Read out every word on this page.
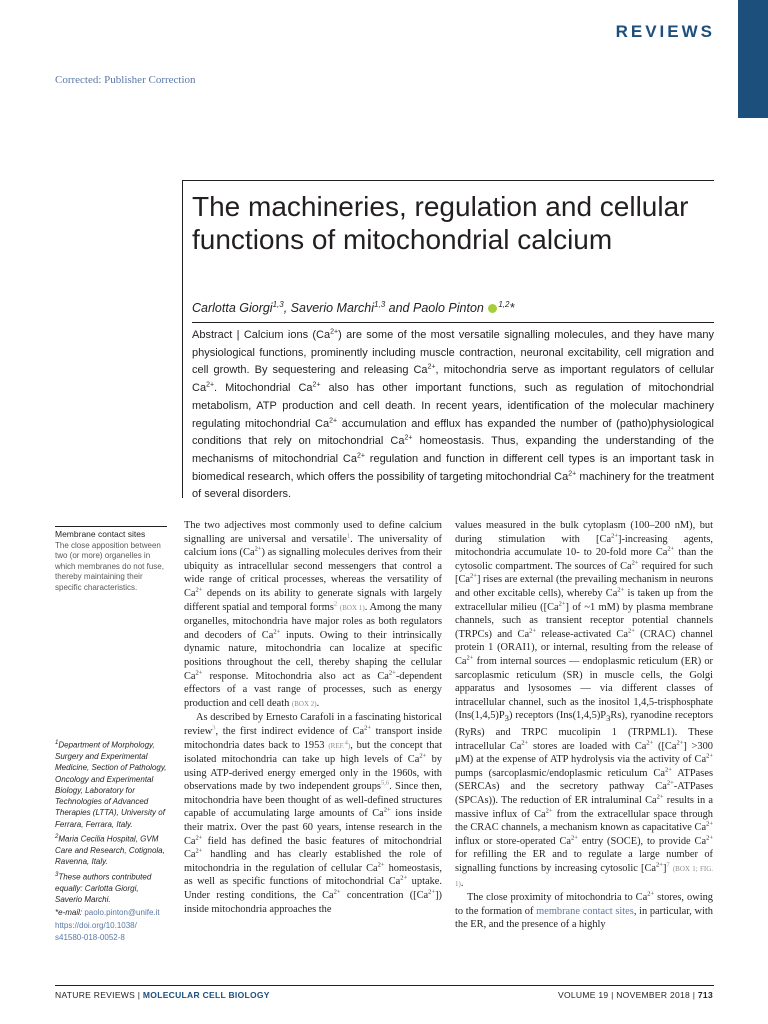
REVIEWS
Corrected: Publisher Correction
The machineries, regulation and cellular functions of mitochondrial calcium
Carlotta Giorgi$^{1,3}$, Saverio Marchi$^{1,3}$ and Paolo Pinton $^{1,2}$*

Abstract | Calcium ions $(Ca^{2+})$ are some of the most versatile signalling molecules, and they have many physiological functions, prominently including muscle contraction, neuronal excitability, cell migration and cell growth. By sequestering and releasing $Ca^{2+}$, mitochondria serve as important regulators of cellular $Ca^{2+}$. Mitochondrial $Ca^{2+}$ also has other important functions, such as regulation of mitochondrial metabolism, ATP production and cell death. In recent years, identification of the molecular machinery regulating mitochondrial $Ca^{2+}$ accumulation and efflux has expanded the number of (patho)physiological conditions that rely on mitochondrial $Ca^{2+}$ homeostasis. Thus, expanding the understanding of the mechanisms of mitochondrial $Ca^{2+}$ regulation and function in different cell types is an important task in biomedical research, which offers the possibility of targeting mitochondrial $Ca^{2+}$ machinery for the treatment of several disorders.

Membrane contact sites
The close apposition between two (or more) organelles in which membranes do not fuse, thereby maintaining their specific characteristics.

$^1$Department of Morphology, Surgery and Experimental Medicine, Section of Pathology, Oncology and Experimental Biology, Laboratory for Technologies of Advanced Therapies (LTTA), University of Ferrara, Ferrara, Italy.

$^2$Maria Cecilia Hospital, GVM Care and Research, Cotignola, Ravenna, Italy.

$^3$These authors contributed equally: Carlotta Giorgi, Saverio Marchi.

*e-mail: paolo.pinton@unife.it

https://doi.org/10.1038/ s41580-018-0052-8

The two adjectives most commonly used to define calcium signalling are universal and versatile$^1$. The universality of calcium ions $(Ca^{2+})$ as signalling molecules derives from their ubiquity as intracellular second messengers that control a wide range of critical processes, whereas the versatility of $Ca^{2+}$ depends on its ability to generate signals with largely different spatial and temporal forms$^2$ (BOX 1). Among the many organelles, mitochondria have major roles as both regulators and decoders of $Ca^{2+}$ inputs. Owing to their intrinsically dynamic nature, mitochondria can localize at specific positions throughout the cell, thereby shaping the cellular $Ca^{2+}$ response. Mitochondria also act as $Ca^{2+}$-dependent effectors of a vast range of processes, such as energy production and cell death (BOX 2).

As described by Ernesto Carafoli in a fascinating historical review$^3$, the first indirect evidence of $Ca^{2+}$ transport inside mitochondria dates back to 1953 (REF.$^4$), but the concept that isolated mitochondria can take up high levels of $Ca^{2+}$ by using ATP-derived energy emerged only in the 1960s, with observations made by two independent groups$^{5,6}$. Since then, mitochondria have been thought of as well-defined structures capable of accumulating large amounts of $Ca^{2+}$ ions inside their matrix. Over the past 60 years, intense research in the $Ca^{2+}$ field has defined the basic features of mitochondrial $Ca^{2+}$ handling and has clearly established the role of mitochondria in the regulation of cellular $Ca^{2+}$ homeostasis, as well as specific functions of mitochondrial $Ca^{2+}$ uptake. Under resting conditions, the $Ca^{2+}$ concentration $([Ca^{2+}])$ inside mitochondria approaches the

values measured in the bulk cytoplasm (100–200 nM), but during stimulation with $[Ca^{2+}]$-increasing agents, mitochondria accumulate 10- to 20-fold more $Ca^{2+}$ than the cytosolic compartment. The sources of $Ca^{2+}$ required for such $[Ca^{2+}]$ rises are external (the prevailing mechanism in neurons and other excitable cells), whereby $Ca^{2+}$ is taken up from the extracellular milieu ($[Ca^{2+}]$ of ~1 mM) by plasma membrane channels, such as transient receptor potential channels (TRPCs) and $Ca^{2+}$ release-activated $Ca^{2+}$ (CRAC) channel protein 1 (ORAI1), or internal, resulting from the release of $Ca^{2+}$ from internal sources — endoplasmic reticulum (ER) or sarcoplasmic reticulum (SR) in muscle cells, the Golgi apparatus and lysosomes — via different classes of intracellular channel, such as the inositol 1,4,5-trisphosphate $(Ins(1,4,5)P_3)$ receptors $(Ins(1,4,5)P_3Rs)$, ryanodine receptors (RyRs) and TRPC mucolipin 1 (TRPML1). These intracellular $Ca^{2+}$ stores are loaded with $Ca^{2+}$ ($[Ca^{2+}] >300$ μM) at the expense of ATP hydrolysis via the activity of $Ca^{2+}$ pumps (sarcoplasmic/endoplasmic reticulum $Ca^{2+}$ ATPases (SERCAs) and the secretory pathway $Ca^{2+}$-ATPases (SPCAs)). The reduction of ER intraluminal $Ca^{2+}$ results in a massive influx of $Ca^{2+}$ from the extracellular space through the CRAC channels, a mechanism known as capacitative $Ca^{2+}$ influx or store-operated $Ca^{2+}$ entry (SOCE), to provide $Ca^{2+}$ for refilling the ER and to regulate a large number of signalling functions by increasing cytosolic $[Ca^{2+}]^7$ (BOX 1; FIG. 1).

The close proximity of mitochondria to $Ca^{2+}$ stores, owing to the formation of membrane contact sites, in particular, with the ER, and the presence of a highly

NATURE REVIEWS | MOLECULAR CELL BIOLOGY	VOLUME 19 | NOVEMBER 2018 | 713
